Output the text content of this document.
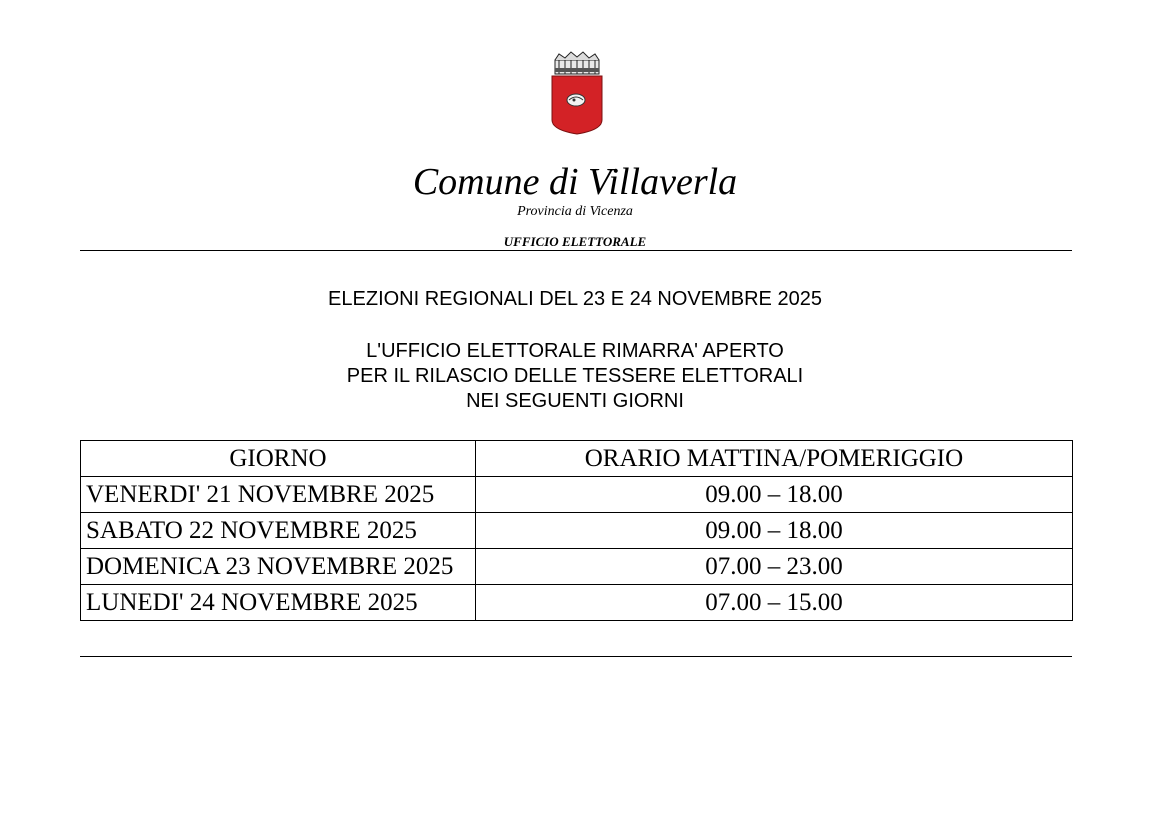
Comune di Villaverla
Provincia di Vicenza
UFFICIO ELETTORALE
ELEZIONI REGIONALI DEL 23 E 24 NOVEMBRE 2025
L'UFFICIO ELETTORALE RIMARRA' APERTO
PER IL RILASCIO DELLE TESSERE ELETTORALI
NEI SEGUENTI GIORNI
GIORNO	ORARIO MATTINA/POMERIGGIO
VENERDI' 21 NOVEMBRE 2025	09.00 – 18.00
SABATO 22 NOVEMBRE 2025	09.00 – 18.00
DOMENICA 23 NOVEMBRE 2025	07.00 – 23.00
LUNEDI' 24 NOVEMBRE 2025	07.00 – 15.00
